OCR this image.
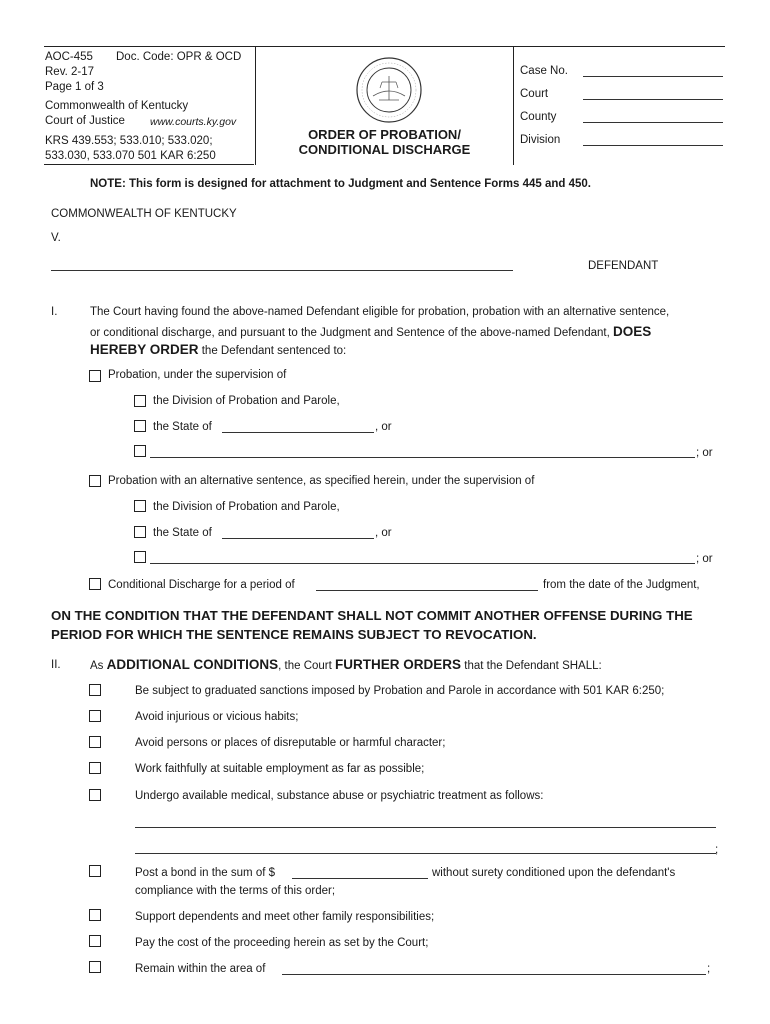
AOC-455 Doc. Code: OPR & OCD
Rev. 2-17
Page 1 of 3
Commonwealth of Kentucky
Court of Justice www.courts.ky.gov
KRS 439.553; 533.010; 533.020;
533.030, 533.070 501 KAR 6:250
ORDER OF PROBATION/
CONDITIONAL DISCHARGE
Case No.
Court
County
Division
NOTE: This form is designed for attachment to Judgment and Sentence Forms 445 and 450.
COMMONWEALTH OF KENTUCKY
V.
DEFENDANT
I.	The Court having found the above-named Defendant eligible for probation, probation with an alternative sentence,
or conditional discharge, and pursuant to the Judgment and Sentence of the above-named Defendant, DOES
HEREBY ORDER the Defendant sentenced to:
Probation, under the supervision of
the Division of Probation and Parole,
the State of	, or
; or
Probation with an alternative sentence, as specified herein, under the supervision of
the Division of Probation and Parole,
the State of	, or
; or
Conditional Discharge for a period of	from the date of the Judgment,
ON THE CONDITION THAT THE DEFENDANT SHALL NOT COMMIT ANOTHER OFFENSE DURING THE
PERIOD FOR WHICH THE SENTENCE REMAINS SUBJECT TO REVOCATION.
II.	As ADDITIONAL CONDITIONS, the Court FURTHER ORDERS that the Defendant SHALL:
Be subject to graduated sanctions imposed by Probation and Parole in accordance with 501 KAR 6:250;
Avoid injurious or vicious habits;
Avoid persons or places of disreputable or harmful character;
Work faithfully at suitable employment as far as possible;
Undergo available medical, substance abuse or psychiatric treatment as follows:
;
Post a bond in the sum of $	without surety conditioned upon the defendant's
compliance with the terms of this order;
Support dependents and meet other family responsibilities;
Pay the cost of the proceeding herein as set by the Court;
Remain within the area of	;
